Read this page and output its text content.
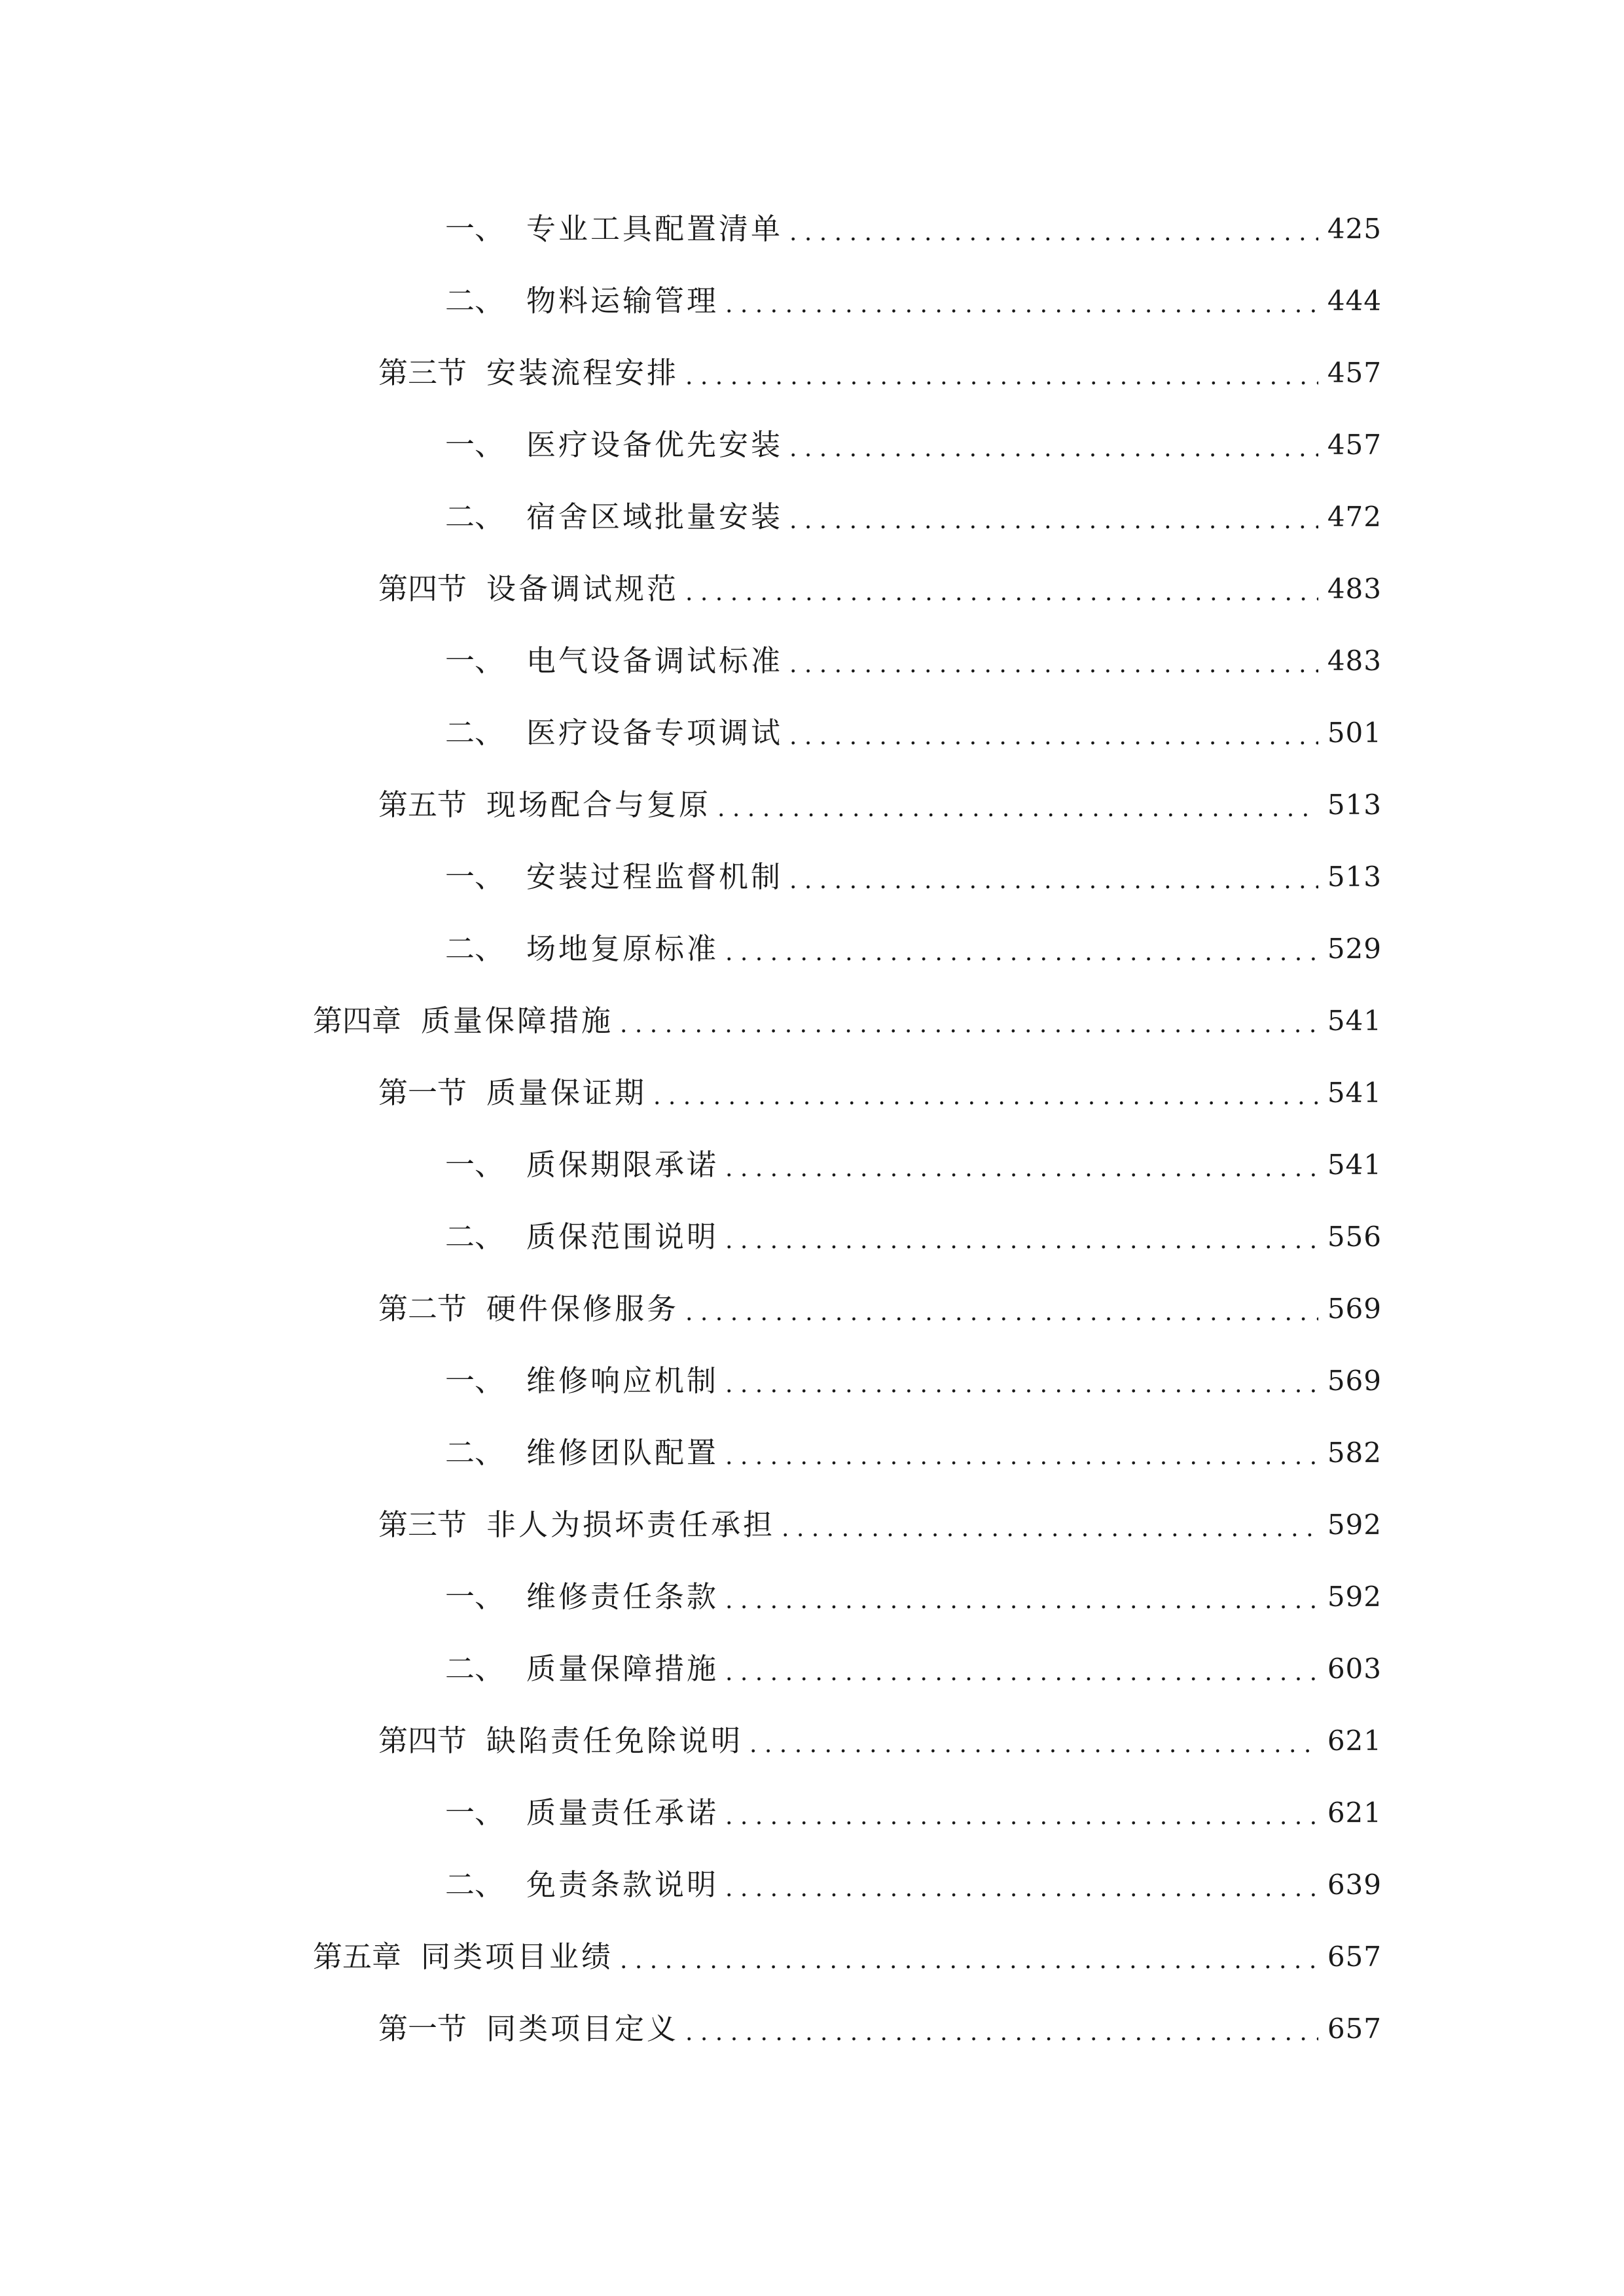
一、 专业工具配置清单 . . .	425
二、 物料运输管理 . . .	444
第三节 安装流程安排 . . .	457
一、 医疗设备优先安装 . . .	457
二、 宿舍区域批量安装 . . .	472
第四节 设备调试规范 . . .	483
一、 电气设备调试标准 . . .	483
二、 医疗设备专项调试 . . .	501
第五节 现场配合与复原 . . .	513
一、 安装过程监督机制 . . .	513
二、 场地复原标准 . . .	529
第四章 质量保障措施 . . .	541
第一节 质量保证期 . . .	541
一、 质保期限承诺 . . .	541
二、 质保范围说明 . . .	556
第二节 硬件保修服务 . . .	569
一、 维修响应机制 . . .	569
二、 维修团队配置 . . .	582
第三节 非人为损坏责任承担 . . .	592
一、 维修责任条款 . . .	592
二、 质量保障措施 . . .	603
第四节 缺陷责任免除说明 . . .	621
一、 质量责任承诺 . . .	621
二、 免责条款说明 . . .	639
第五章 同类项目业绩 . . .	657
第一节 同类项目定义 . . .	657
